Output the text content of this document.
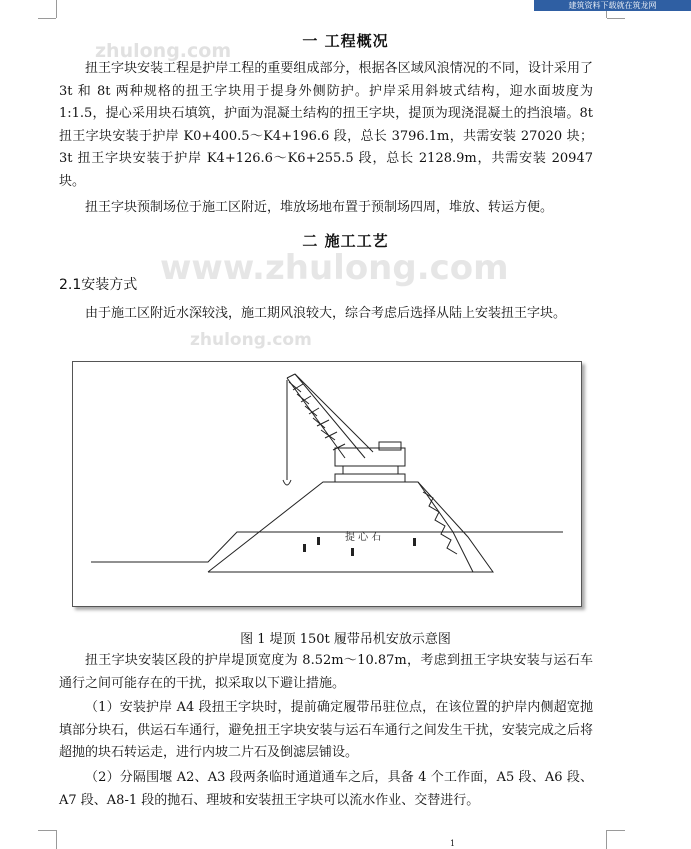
建筑资料下载就在筑龙网
zhulong.com
www.zhulong.com
zhulong.com
一 工程概况

扭王字块安装工程是护岸工程的重要组成部分，根据各区域风浪情况的不同，设计采用了 3t 和 8t 两种规格的扭王字块用于提身外侧防护。护岸采用斜坡式结构，迎水面坡度为 1:1.5，提心采用块石填筑，护面为混凝土结构的扭王字块，提顶为现浇混凝土的挡浪墙。8t 扭王字块安装于护岸 K0+400.5～K4+196.6 段，总长 3796.1m，共需安装 27020 块；3t 扭王字块安装于护岸 K4+126.6～K6+255.5 段，总长 2128.9m，共需安装 20947 块。

扭王字块预制场位于施工区附近，堆放场地布置于预制场四周，堆放、转运方便。

二 施工工艺
2.1安装方式

由于施工区附近水深较浅，施工期风浪较大，综合考虑后选择从陆上安装扭王字块。

提 心 石
图 1 堤顶 150t 履带吊机安放示意图

扭王字块安装区段的护岸堤顶宽度为 8.52m～10.87m，考虑到扭王字块安装与运石车通行之间可能存在的干扰，拟采取以下避让措施。

（1）安装护岸 A4 段扭王字块时，提前确定履带吊驻位点，在该位置的护岸内侧超宽抛填部分块石，供运石车通行，避免扭王字块安装与运石车通行之间发生干扰，安装完成之后将超抛的块石转运走，进行内坡二片石及倒滤层铺设。

（2）分隔围堰 A2、A3 段两条临时通道通车之后，具备 4 个工作面，A5 段、A6 段、A7 段、A8-1 段的抛石、理坡和安装扭王字块可以流水作业、交替进行。

1
